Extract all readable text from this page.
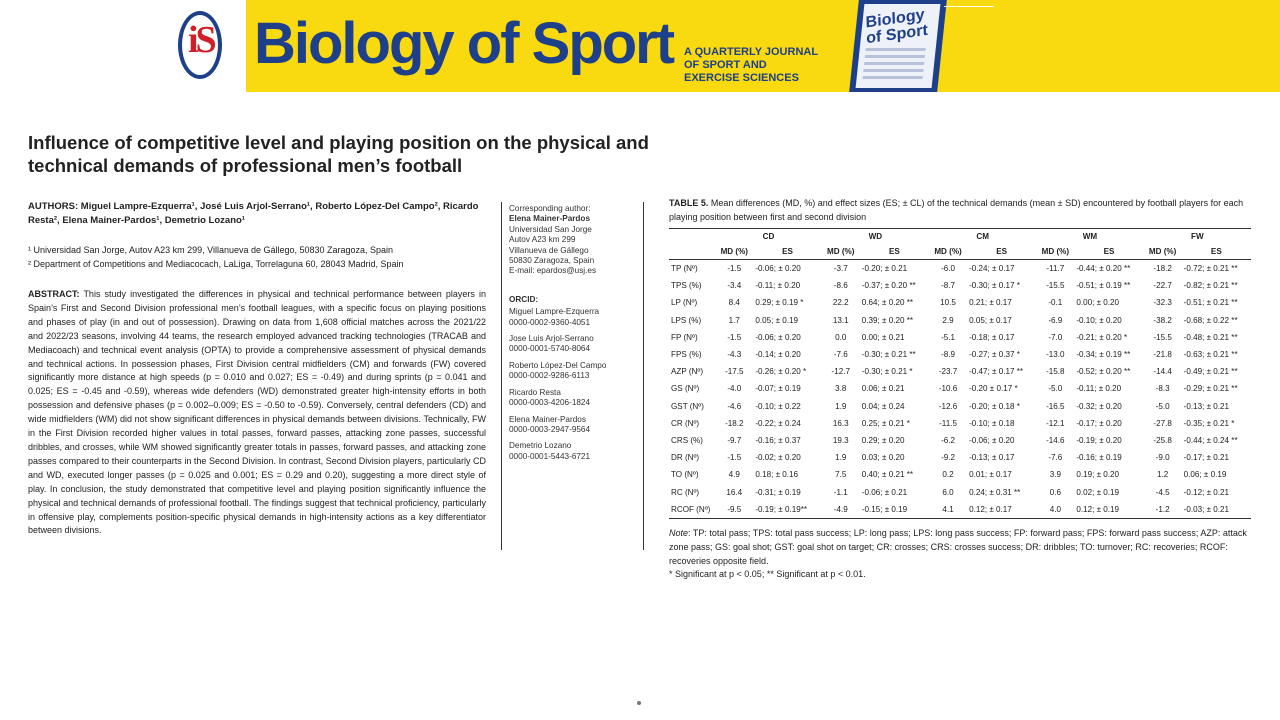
iS Biology of Sport A QUARTERLY JOURNAL
OF SPORT AND
EXERCISE SCIENCES
Biology of Sport
Influence of competitive level and playing position on the physical and technical demands of professional men’s football
AUTHORS: Miguel Lampre-Ezquerra¹, José Luis Arjol-Serrano¹, Roberto López-Del Campo², Ricardo Resta², Elena Mainer-Pardos¹, Demetrio Lozano¹
¹ Universidad San Jorge, Autov A23 km 299, Villanueva de Gállego, 50830 Zaragoza, Spain
² Department of Competitions and Mediacocach, LaLiga, Torrelaguna 60, 28043 Madrid, Spain
ABSTRACT: This study investigated the differences in physical and technical performance between players in Spain’s First and Second Division professional men’s football leagues, with a specific focus on playing positions and phases of play (in and out of possession). Drawing on data from 1,608 official matches across the 2021/22 and 2022/23 seasons, involving 44 teams, the research employed advanced tracking technologies (TRACAB and Mediacoach) and technical event analysis (OPTA) to provide a comprehensive assessment of physical demands and technical actions. In possession phases, First Division central midfielders (CM) and forwards (FW) covered significantly more distance at high speeds (p = 0.010 and 0.027; ES = -0.49) and during sprints (p = 0.041 and 0.025; ES = -0.45 and -0.59), whereas wide defenders (WD) demonstrated greater high-intensity efforts in both possession and defensive phases (p = 0.002–0.009; ES = -0.50 to -0.59). Conversely, central defenders (CD) and wide midfielders (WM) did not show significant differences in physical demands between divisions. Technically, FW in the First Division recorded higher values in total passes, forward passes, attacking zone passes, successful dribbles, and crosses, while WM showed significantly greater totals in passes, forward passes, and attacking zone passes compared to their counterparts in the Second Division. In contrast, Second Division players, particularly CD and WD, executed longer passes (p = 0.025 and 0.001; ES = 0.29 and 0.20), suggesting a more direct style of play. In conclusion, the study demonstrated that competitive level and playing position significantly influence the physical and technical demands of professional football. The findings suggest that technical proficiency, particularly in offensive play, complements position-specific physical demands in high-intensity actions as a key differentiator between divisions.
Corresponding author:
Elena Mainer-Pardos
Universidad San Jorge
Autov A23 km 299
Villanueva de Gállego
50830 Zaragoza, Spain
E-mail: epardos@usj.es
ORCID:
Miguel Lampre-Ezquerra
0000-0002-9360-4051
Jose Luis Arjol-Serrano
0000-0001-5740-8064
Roberto López-Del Campo
0000-0002-9286-6113
Ricardo Resta
0000-0003-4206-1824
Elena Mainer-Pardos
0000-0003-2947-9564
Demetrio Lozano
0000-0001-5443-6721
TABLE 5. Mean differences (MD, %) and effect sizes (ES; ± CL) of the technical demands (mean ± SD) encountered by football players for each playing position between first and second division
	CD		WD		CM		WM		FW	
	MD (%)	ES	MD (%)	ES	MD (%)	ES	MD (%)	ES	MD (%)	ES
TP (Nº)	-1.5	-0.06; ± 0.20	-3.7	-0.20; ± 0.21	-6.0	-0.24; ± 0.17	-11.7	-0.44; ± 0.20 **	-18.2	-0.72; ± 0.21 **
TPS (%)	-3.4	-0.11; ± 0.20	-8.6	-0.37; ± 0.20 **	-8.7	-0.30; ± 0.17 *	-15.5	-0.51; ± 0.19 **	-22.7	-0.82; ± 0.21 **
LP (Nº)	8.4	0.29; ± 0.19 *	22.2	0.64; ± 0.20 **	10.5	0.21; ± 0.17	-0.1	0.00; ± 0.20	-32.3	-0.51; ± 0.21 **
LPS (%)	1.7	0.05; ± 0.19	13.1	0.39; ± 0.20 **	2.9	0.05; ± 0.17	-6.9	-0.10; ± 0.20	-38.2	-0.68; ± 0.22 **
FP (Nº)	-1.5	-0.06; ± 0.20	0.0	0.00; ± 0.21	-5.1	-0.18; ± 0.17	-7.0	-0.21; ± 0.20 *	-15.5	-0.48; ± 0.21 **
FPS (%)	-4.3	-0.14; ± 0.20	-7.6	-0.30; ± 0.21 **	-8.9	-0.27; ± 0.37 *	-13.0	-0.34; ± 0.19 **	-21.8	-0.63; ± 0.21 **
AZP (Nº)	-17.5	-0.26; ± 0.20 *	-12.7	-0.30; ± 0.21 *	-23.7	-0.47; ± 0.17 **	-15.8	-0.52; ± 0.20 **	-14.4	-0.49; ± 0.21 **
GS (Nº)	-4.0	-0.07; ± 0.19	3.8	0.06; ± 0.21	-10.6	-0.20 ± 0.17 *	-5.0	-0.11; ± 0.20	-8.3	-0.29; ± 0.21 **
GST (Nº)	-4.6	-0.10; ± 0.22	1.9	0.04; ± 0.24	-12.6	-0.20; ± 0.18 *	-16.5	-0.32; ± 0.20	-5.0	-0.13; ± 0.21
CR (Nº)	-18.2	-0.22; ± 0.24	16.3	0.25; ± 0.21 *	-11.5	-0.10; ± 0.18	-12.1	-0.17; ± 0.20	-27.8	-0.35; ± 0.21 *
CRS (%)	-9.7	-0.16; ± 0.37	19.3	0.29; ± 0.20	-6.2	-0.06; ± 0.20	-14.6	-0.19; ± 0.20	-25.8	-0.44; ± 0.24 **
DR (Nº)	-1.5	-0.02; ± 0.20	1.9	0.03; ± 0.20	-9.2	-0.13; ± 0.17	-7.6	-0.16; ± 0.19	-9.0	-0.17; ± 0.21
TO (Nº)	4.9	0.18; ± 0.16	7.5	0.40; ± 0.21 **	0.2	0.01; ± 0.17	3.9	0.19; ± 0.20	1.2	0.06; ± 0.19
RC (Nº)	16.4	-0.31; ± 0.19	-1.1	-0.06; ± 0.21	6.0	0.24; ± 0.31 **	0.6	0.02; ± 0.19	-4.5	-0.12; ± 0.21
RCOF (Nº)	-9.5	-0.19; ± 0.19**	-4.9	-0.15; ± 0.19	4.1	0.12; ± 0.17	4.0	0.12; ± 0.19	-1.2	-0.03; ± 0.21
Note: TP: total pass; TPS: total pass success; LP: long pass; LPS: long pass success; FP: forward pass; FPS: forward pass success; AZP: attack zone pass; GS: goal shot; GST: goal shot on target; CR: crosses; CRS: crosses success; DR: dribbles; TO: turnover; RC: recoveries; RCOF: recoveries opposite field.
* Significant at p < 0.05; ** Significant at p < 0.01.
